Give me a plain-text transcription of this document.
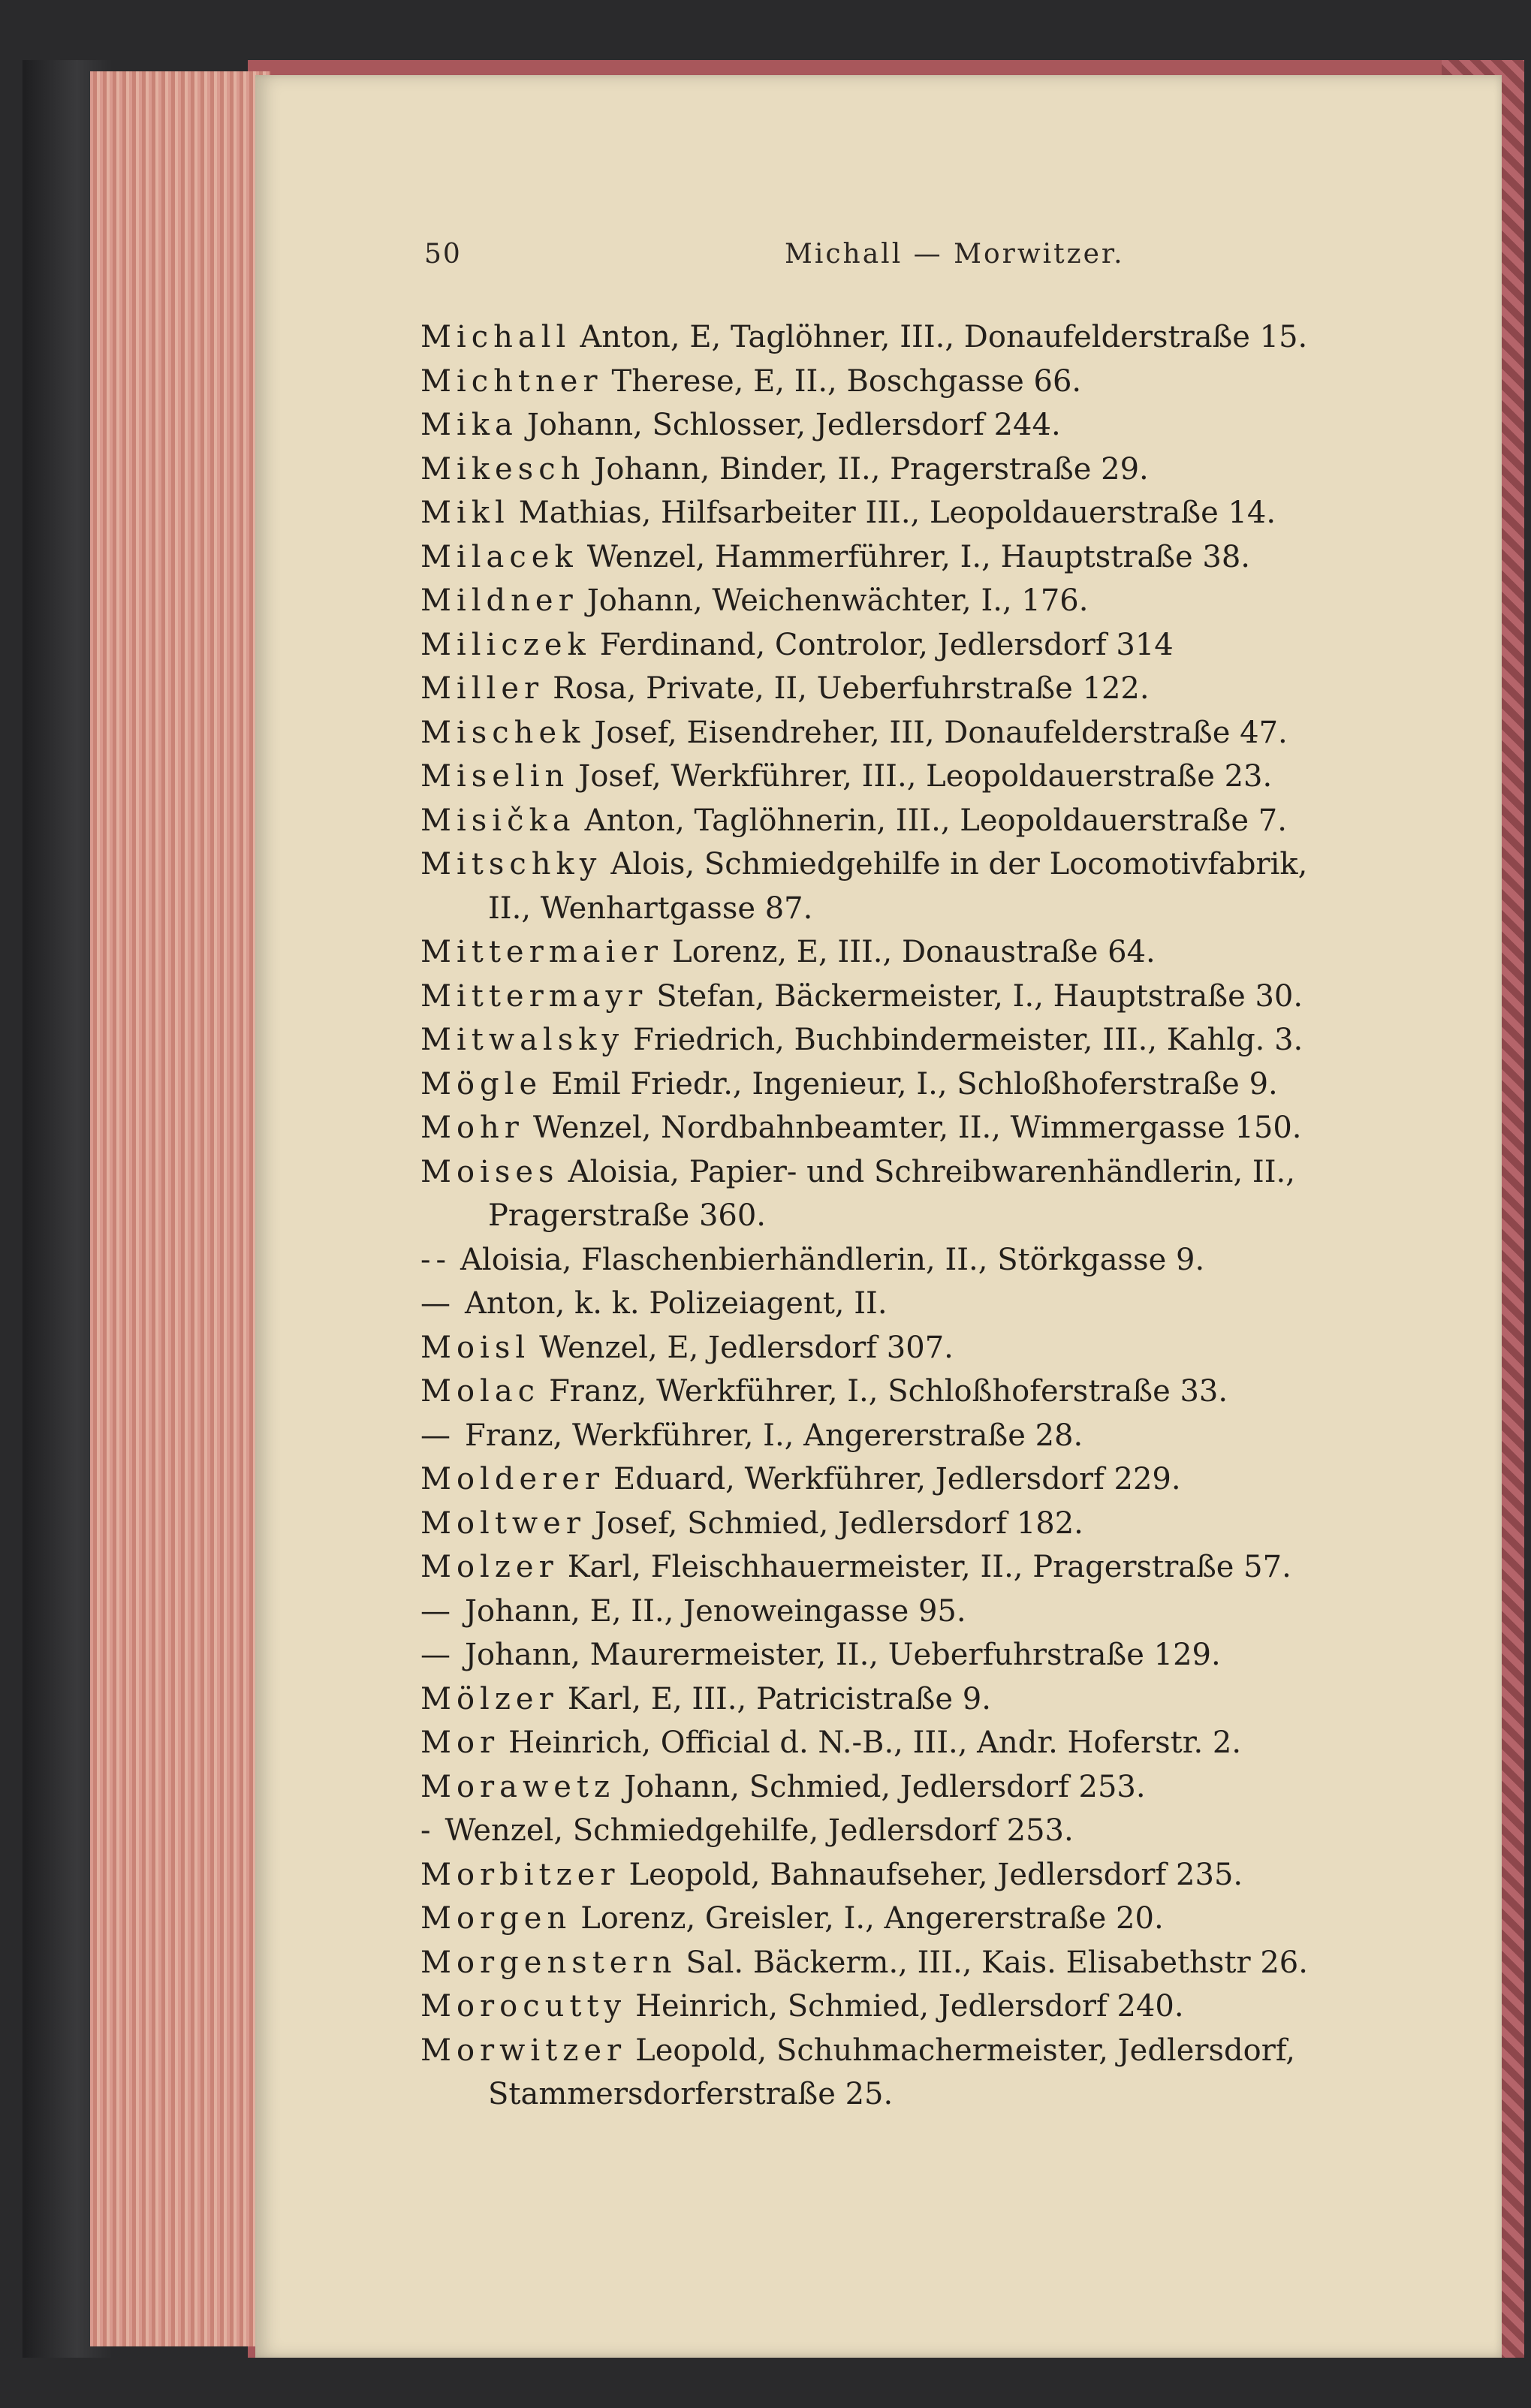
50	Michall — Morwitzer.
Michall Anton, E, Taglöhner, III., Donaufelderstraße 15.
Michtner Therese, E, II., Boschgasse 66.
Mika Johann, Schlosser, Jedlersdorf 244.
Mikesch Johann, Binder, II., Pragerstraße 29.
Mikl Mathias, Hilfsarbeiter III., Leopoldauerstraße 14.
Milacek Wenzel, Hammerführer, I., Hauptstraße 38.
Mildner Johann, Weichenwächter, I., 176.
Miliczek Ferdinand, Controlor, Jedlersdorf 314
Miller Rosa, Private, II, Ueberfuhrstraße 122.
Mischek Josef, Eisendreher, III, Donaufelderstraße 47.
Miselin Josef, Werkführer, III., Leopoldauerstraße 23.
Misička Anton, Taglöhnerin, III., Leopoldauerstraße 7.
Mitschky Alois, Schmiedgehilfe in der Locomotivfabrik,
II., Wenhartgasse 87.
Mittermaier Lorenz, E, III., Donaustraße 64.
Mittermayr Stefan, Bäckermeister, I., Hauptstraße 30.
Mitwalsky Friedrich, Buchbindermeister, III., Kahlg. 3.
Mögle Emil Friedr., Ingenieur, I., Schloßhoferstraße 9.
Mohr Wenzel, Nordbahnbeamter, II., Wimmergasse 150.
Moises Aloisia, Papier- und Schreibwarenhändlerin, II.,
Pragerstraße 360.
-- Aloisia, Flaschenbierhändlerin, II., Störkgasse 9.
— Anton, k. k. Polizeiagent, II.
Moisl Wenzel, E, Jedlersdorf 307.
Molac Franz, Werkführer, I., Schloßhoferstraße 33.
— Franz, Werkführer, I., Angererstraße 28.
Molderer Eduard, Werkführer, Jedlersdorf 229.
Moltwer Josef, Schmied, Jedlersdorf 182.
Molzer Karl, Fleischhauermeister, II., Pragerstraße 57.
— Johann, E, II., Jenoweingasse 95.
— Johann, Maurermeister, II., Ueberfuhrstraße 129.
Mölzer Karl, E, III., Patricistraße 9.
Mor Heinrich, Official d. N.-B., III., Andr. Hoferstr. 2.
Morawetz Johann, Schmied, Jedlersdorf 253.
- Wenzel, Schmiedgehilfe, Jedlersdorf 253.
Morbitzer Leopold, Bahnaufseher, Jedlersdorf 235.
Morgen Lorenz, Greisler, I., Angererstraße 20.
Morgenstern Sal. Bäckerm., III., Kais. Elisabethstr 26.
Morocutty Heinrich, Schmied, Jedlersdorf 240.
Morwitzer Leopold, Schuhmachermeister, Jedlersdorf,
Stammersdorferstraße 25.
